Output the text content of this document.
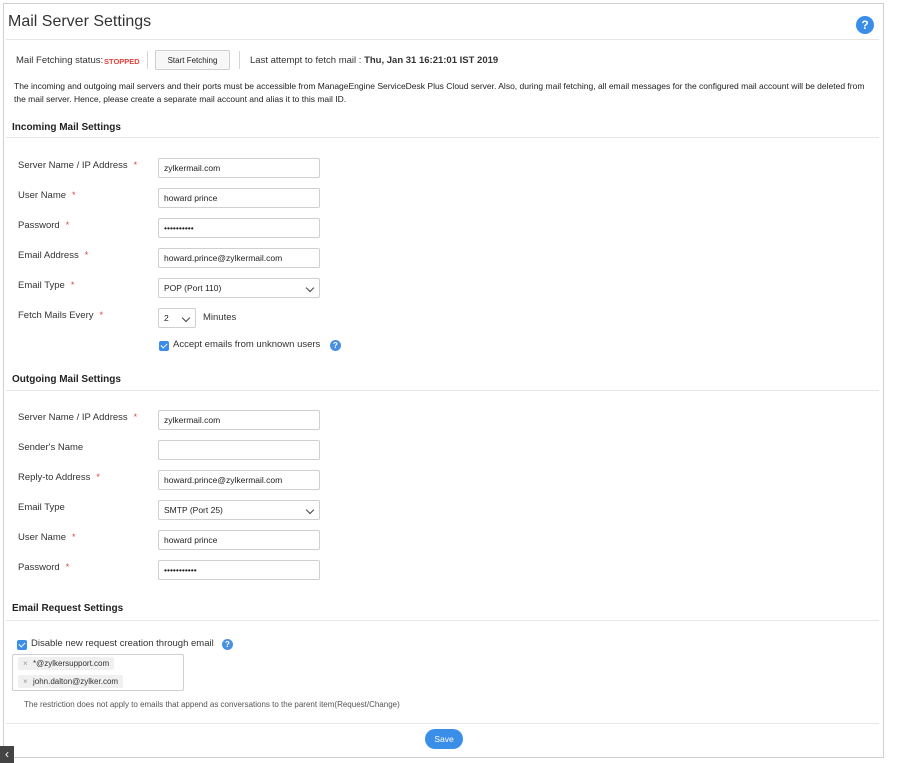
Mail Server Settings	?
Mail Fetching status: STOPPED	Start Fetching	Last attempt to fetch mail : Thu, Jan 31 16:21:01 IST 2019
The incoming and outgoing mail servers and their ports must be accessible from ManageEngine ServiceDesk Plus Cloud server. Also, during mail fetching, all email messages for the configured mail account will be deleted from the mail server. Hence, please create a separate mail account and alias it to this mail ID.
Incoming Mail Settings
Server Name / IP Address *	zylkermail.com
User Name *	howard prince
Password *	••••••••••
Email Address *	howard.prince@zylkermail.com
Email Type *	POP (Port 110)
Fetch Mails Every *	2	Minutes
Accept emails from unknown users	?
Outgoing Mail Settings
Server Name / IP Address *	zylkermail.com
Sender's Name
Reply-to Address *	howard.prince@zylkermail.com
Email Type	SMTP (Port 25)
User Name *	howard prince
Password *	•••••••••••
Email Request Settings
Disable new request creation through email	?
× *@zylkersupport.com
× john.dalton@zylker.com
The restriction does not apply to emails that append as conversations to the parent item(Request/Change)
Save
‹
